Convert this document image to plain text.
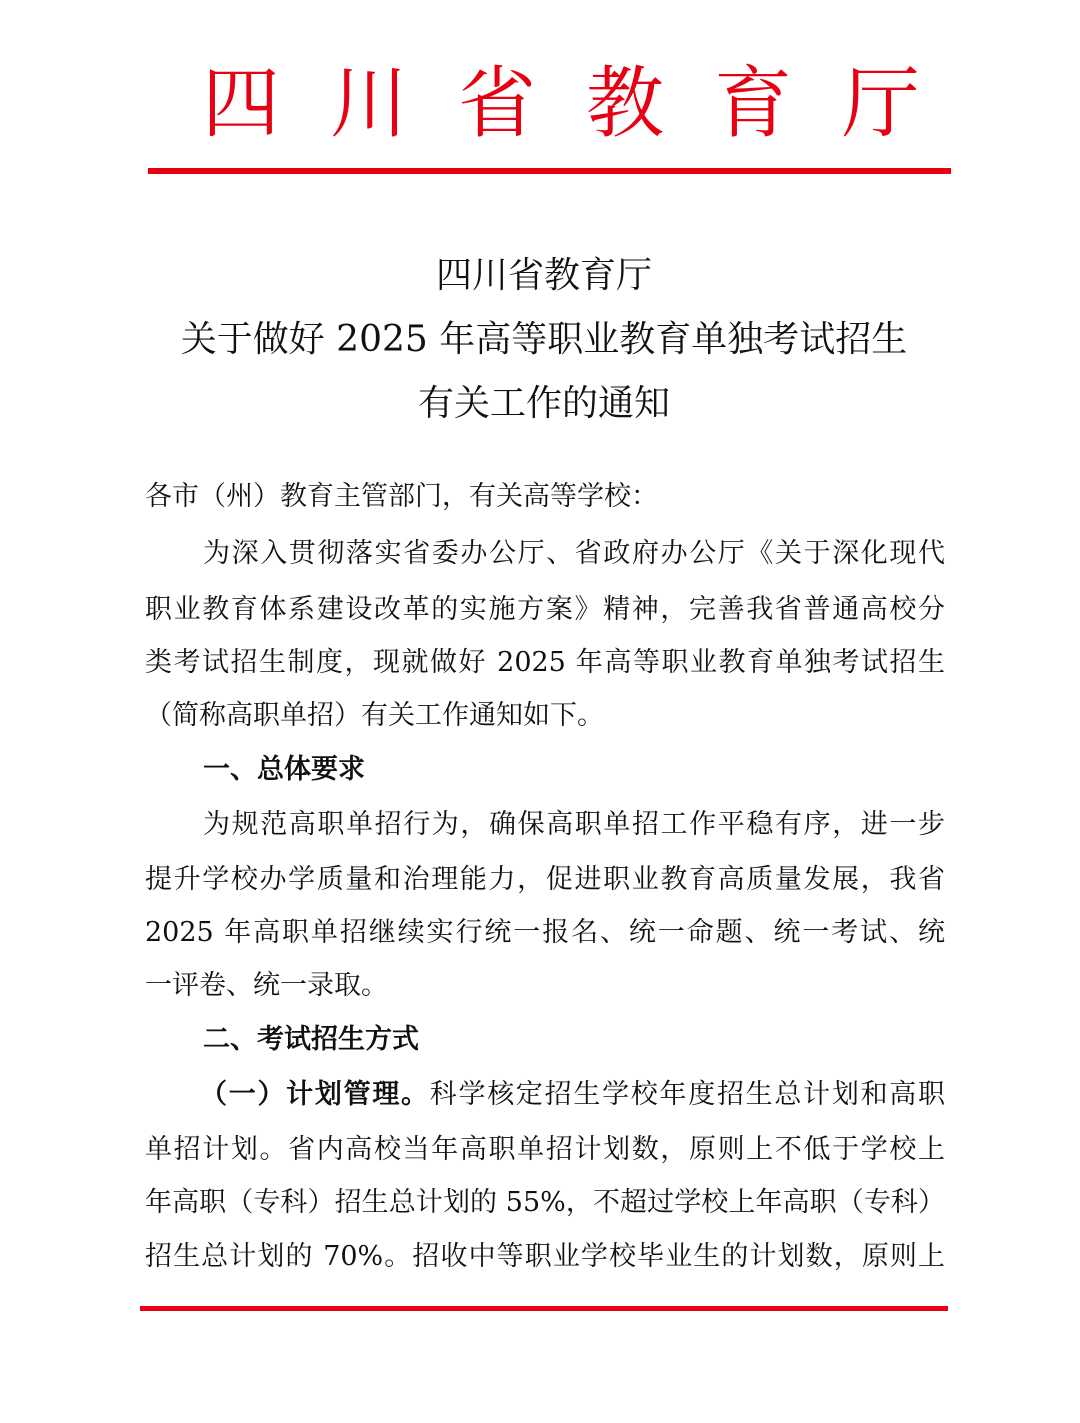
四 川 省 教 育 厅
四川省教育厅
关于做好 2025 年高等职业教育单独考试招生
有关工作的通知
各市（州）教育主管部门，有关高等学校：
为深入贯彻落实省委办公厅、省政府办公厅《关于深化现代
职业教育体系建设改革的实施方案》精神，完善我省普通高校分
类考试招生制度，现就做好 2025 年高等职业教育单独考试招生
（简称高职单招）有关工作通知如下。
一、总体要求
为规范高职单招行为，确保高职单招工作平稳有序，进一步
提升学校办学质量和治理能力，促进职业教育高质量发展，我省
2025 年高职单招继续实行统一报名、统一命题、统一考试、统
一评卷、统一录取。
二、考试招生方式
（一）计划管理。科学核定招生学校年度招生总计划和高职
单招计划。省内高校当年高职单招计划数，原则上不低于学校上
年高职（专科）招生总计划的 55%，不超过学校上年高职（专科）
招生总计划的 70%。招收中等职业学校毕业生的计划数，原则上
